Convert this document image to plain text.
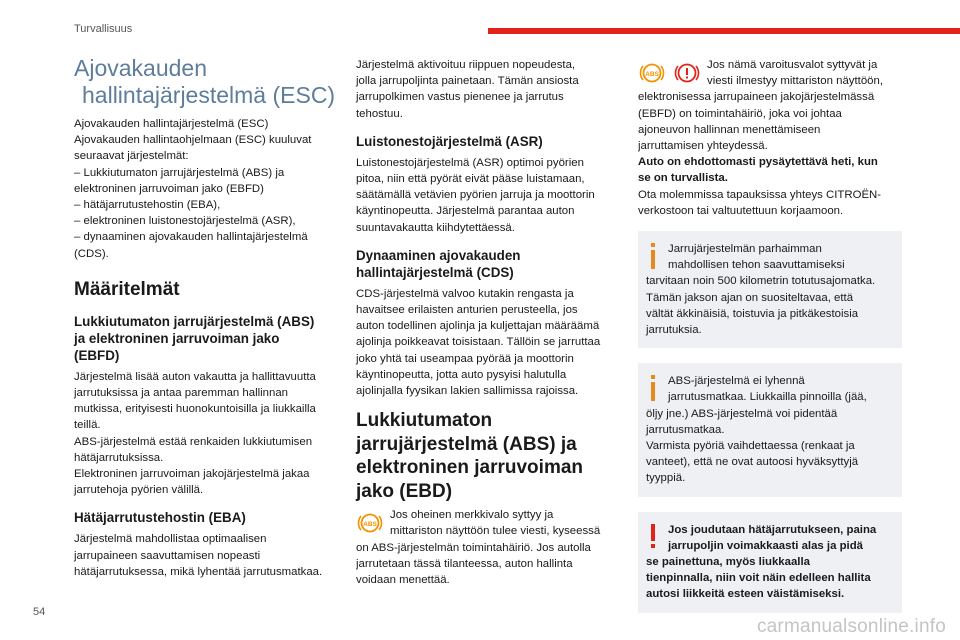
Turvallisuus
Ajovakauden
hallintajärjestelmä (ESC)

Ajovakauden hallintajärjestelmä (ESC)

Ajovakauden hallintaohjelmaan (ESC) kuuluvat

seuraavat järjestelmät:

– Lukkiutumaton jarrujärjestelmä (ABS) ja

elektroninen jarruvoiman jako (EBFD)

– hätäjarrutustehostin (EBA),

– elektroninen luistonestojärjestelmä (ASR),

– dynaaminen ajovakauden hallintajärjestelmä

(CDS).

Määritelmät

Lukkiutumaton jarrujärjestelmä (ABS)

ja elektroninen jarruvoiman jako

(EBFD)

Järjestelmä lisää auton vakautta ja hallittavuutta

jarrutuksissa ja antaa paremman hallinnan

mutkissa, erityisesti huonokuntoisilla ja liukkailla

teillä.

ABS-järjestelmä estää renkaiden lukkiutumisen

hätäjarrutuksissa.

Elektroninen jarruvoiman jakojärjestelmä jakaa

jarrutehoja pyörien välillä.

Hätäjarrutustehostin (EBA)

Järjestelmä mahdollistaa optimaalisen

jarrupaineen saavuttamisen nopeasti

hätäjarrutuksessa, mikä lyhentää jarrutusmatkaa.

Järjestelmä aktivoituu riippuen nopeudesta,

jolla jarrupoljinta painetaan. Tämän ansiosta

jarrupolkimen vastus pienenee ja jarrutus

tehostuu.

Luistonestojärjestelmä (ASR)

Luistonestojärjestelmä (ASR) optimoi pyörien

pitoa, niin että pyörät eivät pääse luistamaan,

säätämällä vetävien pyörien jarruja ja moottorin

käyntinopeutta. Järjestelmä parantaa auton

suuntavakautta kiihdytettäessä.

Dynaaminen ajovakauden

hallintajärjestelmä (CDS)

CDS-järjestelmä valvoo kutakin rengasta ja

havaitsee erilaisten anturien perusteella, jos

auton todellinen ajolinja ja kuljettajan määräämä

ajolinja poikkeavat toisistaan. Tällöin se jarruttaa

joko yhtä tai useampaa pyörää ja moottorin

käyntinopeutta, jotta auto pysyisi halutulla

ajolinjalla fyysikan lakien sallimissa rajoissa.

Lukkiutumaton

jarrujärjestelmä (ABS) ja

elektroninen jarruvoiman

jako (EBD)

ABS

Jos oheinen merkkivalo syttyy ja

mittariston näyttöön tulee viesti, kyseessä

on ABS-järjestelmän toimintahäiriö. Jos autolla

jarrutetaan tässä tilanteessa, auton hallinta

voidaan menettää.

ABS

Jos nämä varoitusvalot syttyvät ja

viesti ilmestyy mittariston näyttöön,

elektronisessa jarrupaineen jakojärjestelmässä

(EBFD) on toimintahäiriö, joka voi johtaa

ajoneuvon hallinnan menettämiseen

jarruttamisen yhteydessä.

Auto on ehdottomasti pysäytettävä heti, kun

se on turvallista.

Ota molemmissa tapauksissa yhteys CITROËN-

verkostoon tai valtuutettuun korjaamoon.

Jarrujärjestelmän parhaimman
mahdollisen tehon saavuttamiseksi

tarvitaan noin 500 kilometrin totutusajomatka.

Tämän jakson ajan on suositeltavaa, että

vältät äkkinäisiä, toistuvia ja pitkäkestoisia

jarrutuksia.

ABS-järjestelmä ei lyhennä
jarrutusmatkaa. Liukkailla pinnoilla (jää,

öljy jne.) ABS-järjestelmä voi pidentää

jarrutusmatkaa.

Varmista pyöriä vaihdettaessa (renkaat ja

vanteet), että ne ovat autoosi hyväksyttyjä

tyyppiä.

Jos joudutaan hätäjarrutukseen, paina
jarrupoljin voimakkaasti alas ja pidä

se painettuna, myös liukkaalla

tienpinnalla, niin voit näin edelleen hallita

autosi liikkeitä esteen väistämiseksi.

54
carmanualsonline.info
